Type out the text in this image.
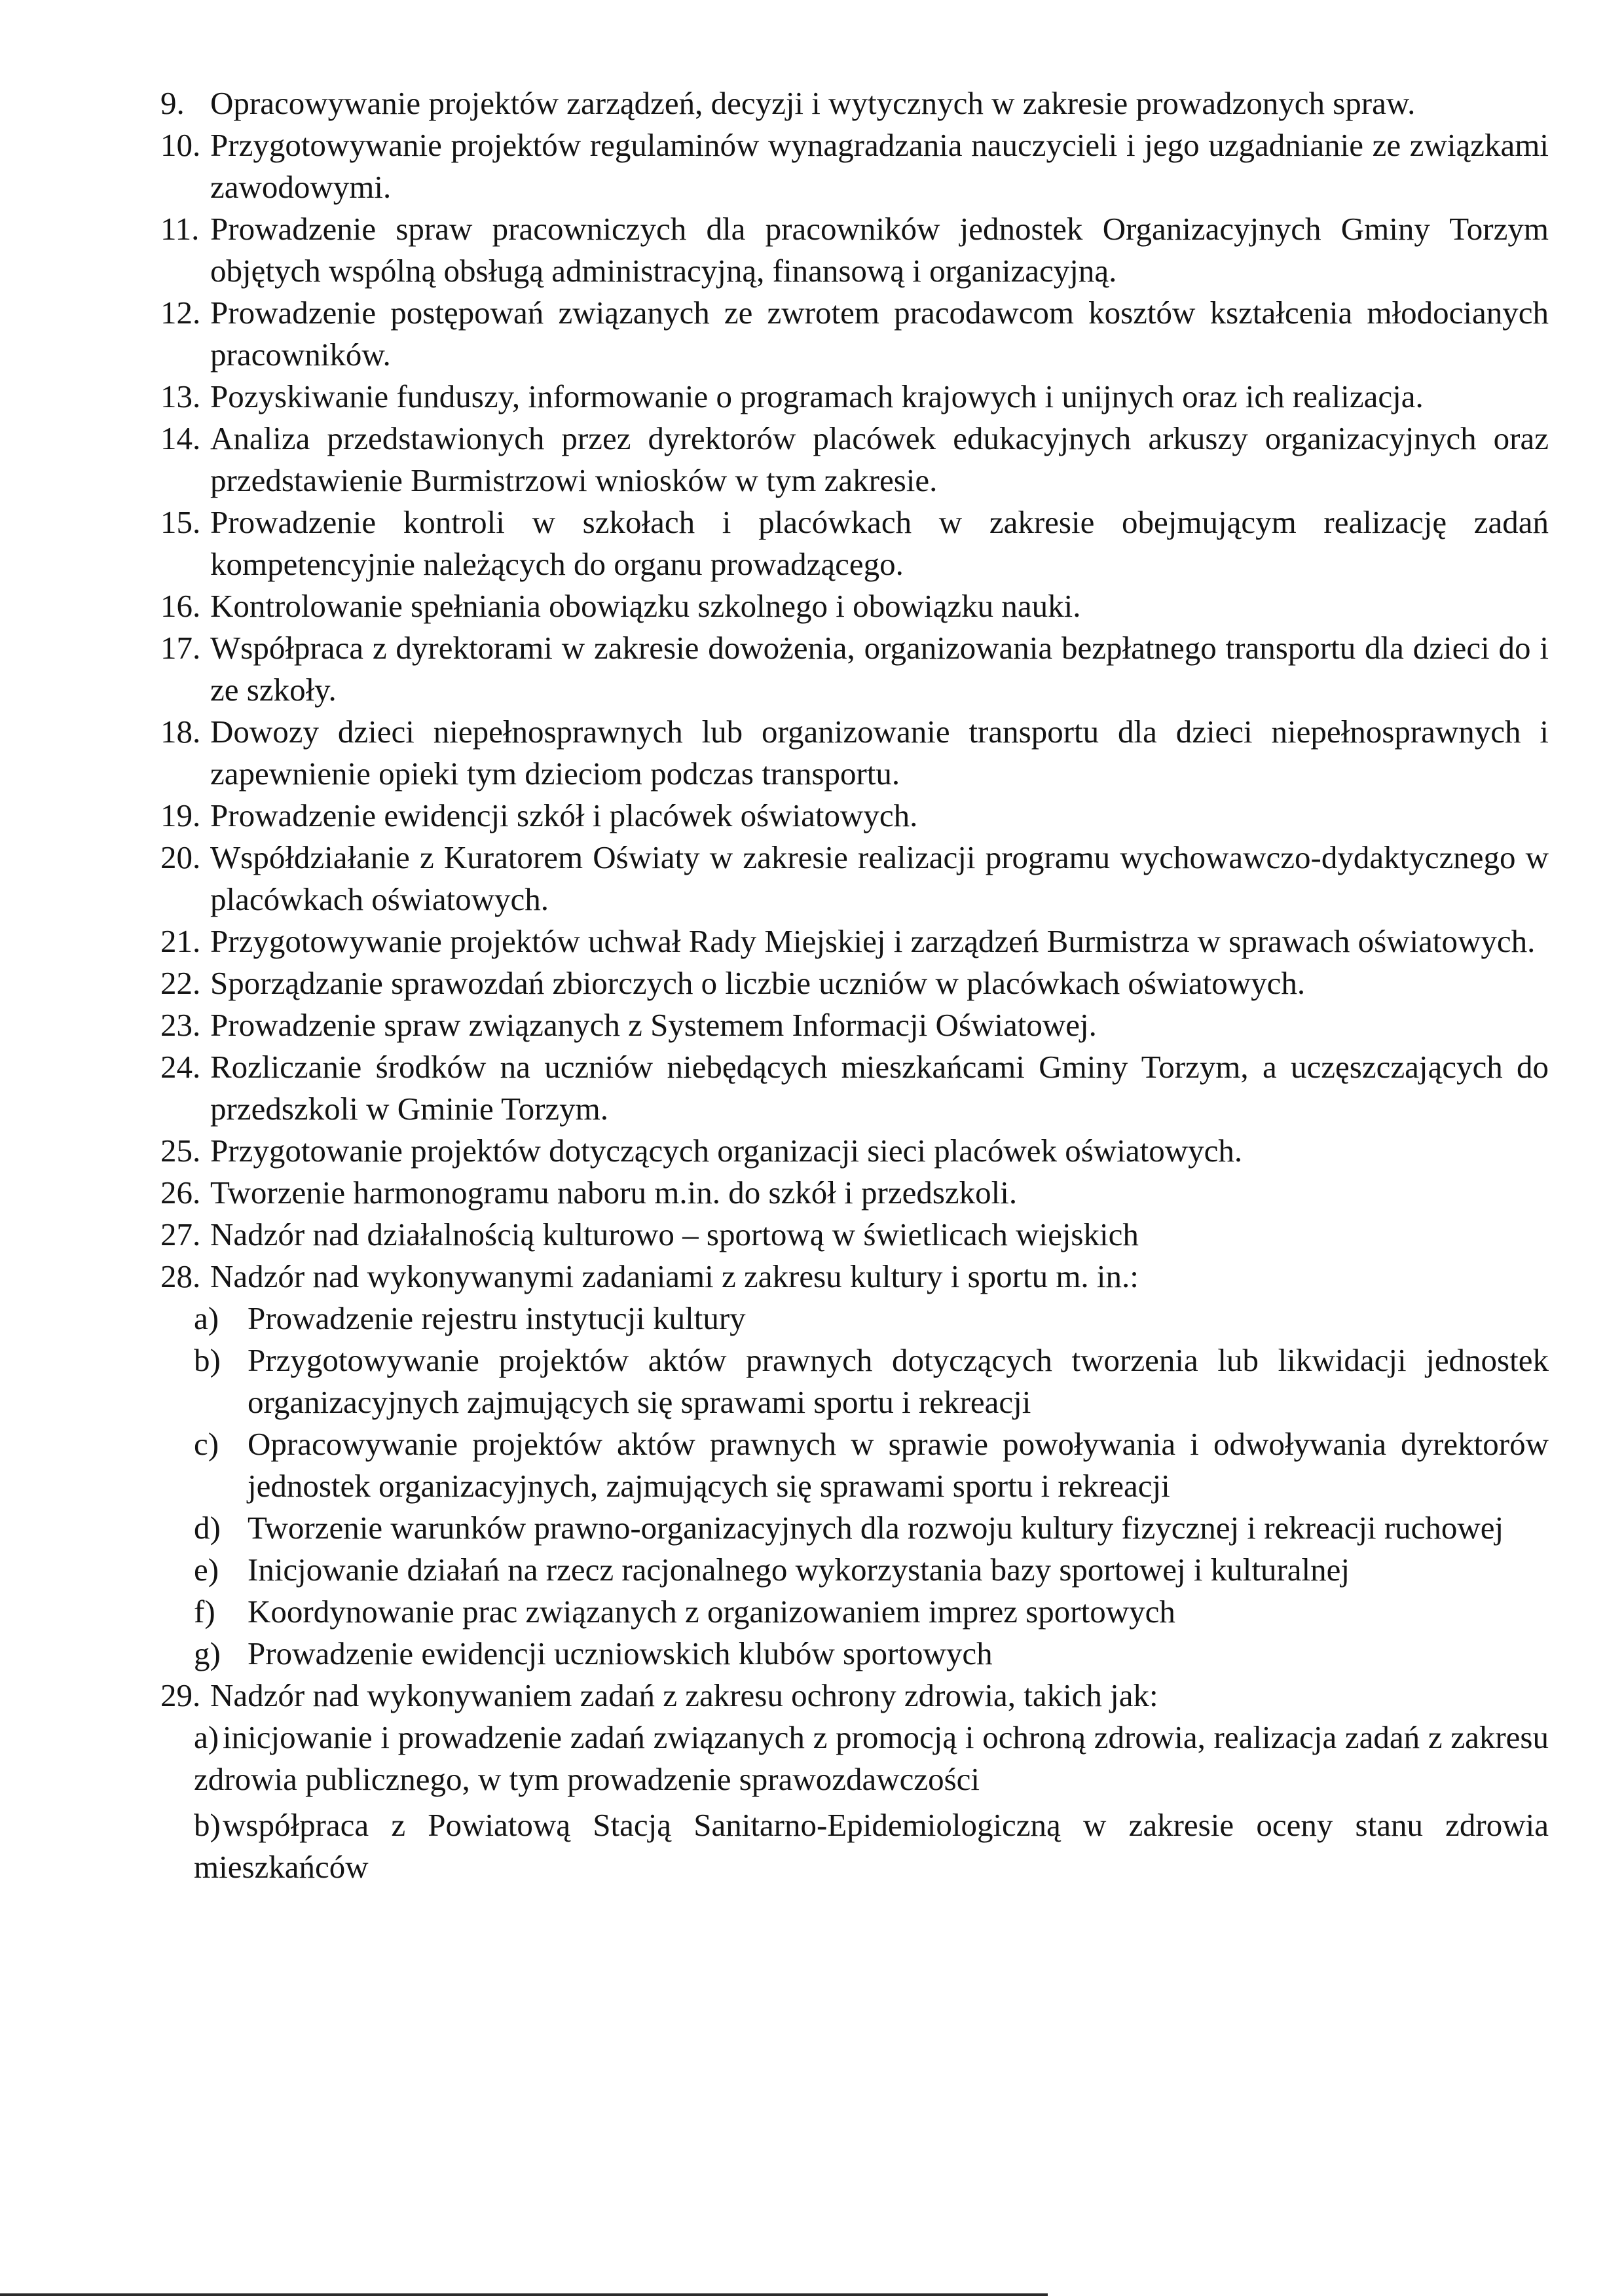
9. Opracowywanie projektów zarządzeń, decyzji i wytycznych w zakresie prowadzonych spraw.
10. Przygotowywanie projektów regulaminów wynagradzania nauczycieli i jego uzgadnianie ze związkami zawodowymi.
11. Prowadzenie spraw pracowniczych dla pracowników jednostek Organizacyjnych Gminy Torzym objętych wspólną obsługą administracyjną, finansową i organizacyjną.
12. Prowadzenie postępowań związanych ze zwrotem pracodawcom kosztów kształcenia młodocianych pracowników.
13. Pozyskiwanie funduszy, informowanie o programach krajowych i unijnych oraz ich realizacja.
14. Analiza przedstawionych przez dyrektorów placówek edukacyjnych arkuszy organizacyjnych oraz przedstawienie Burmistrzowi wniosków w tym zakresie.
15. Prowadzenie kontroli w szkołach i placówkach w zakresie obejmującym realizację zadań kompetencyjnie należących do organu prowadzącego.
16. Kontrolowanie spełniania obowiązku szkolnego i obowiązku nauki.
17. Współpraca z dyrektorami w zakresie dowożenia, organizowania bezpłatnego transportu dla dzieci do i ze szkoły.
18. Dowozy dzieci niepełnosprawnych lub organizowanie transportu dla dzieci niepełnosprawnych i zapewnienie opieki tym dzieciom podczas transportu.
19. Prowadzenie ewidencji szkół i placówek oświatowych.
20. Współdziałanie z Kuratorem Oświaty w zakresie realizacji programu wychowawczo-dydaktycznego w placówkach oświatowych.
21. Przygotowywanie projektów uchwał Rady Miejskiej i zarządzeń Burmistrza w sprawach oświatowych.
22. Sporządzanie sprawozdań zbiorczych o liczbie uczniów w placówkach oświatowych.
23. Prowadzenie spraw związanych z Systemem Informacji Oświatowej.
24. Rozliczanie środków na uczniów niebędących mieszkańcami Gminy Torzym, a uczęszczających do przedszkoli w Gminie Torzym.
25. Przygotowanie projektów dotyczących organizacji sieci placówek oświatowych.
26. Tworzenie harmonogramu naboru m.in. do szkół i przedszkoli.
27. Nadzór nad działalnością kulturowo – sportową w świetlicach wiejskich
28. Nadzór nad wykonywanymi zadaniami z zakresu kultury i sportu m. in.:
a) Prowadzenie rejestru instytucji kultury
b) Przygotowywanie projektów aktów prawnych dotyczących tworzenia lub likwidacji jednostek organizacyjnych zajmujących się sprawami sportu i rekreacji
c) Opracowywanie projektów aktów prawnych w sprawie powoływania i odwoływania dyrektorów jednostek organizacyjnych, zajmujących się sprawami sportu i rekreacji
d) Tworzenie warunków prawno-organizacyjnych dla rozwoju kultury fizycznej i rekreacji ruchowej
e) Inicjowanie działań na rzecz racjonalnego wykorzystania bazy sportowej i kulturalnej
f)	Koordynowanie prac związanych z organizowaniem imprez sportowych
g) Prowadzenie ewidencji uczniowskich klubów sportowych
29. Nadzór nad wykonywaniem zadań z zakresu ochrony zdrowia, takich jak:
a) inicjowanie i prowadzenie zadań związanych z promocją i ochroną zdrowia, realizacja zadań z zakresu zdrowia publicznego, w tym prowadzenie sprawozdawczości
b)współpraca z Powiatową Stacją Sanitarno-Epidemiologiczną w zakresie oceny stanu zdrowia mieszkańców
